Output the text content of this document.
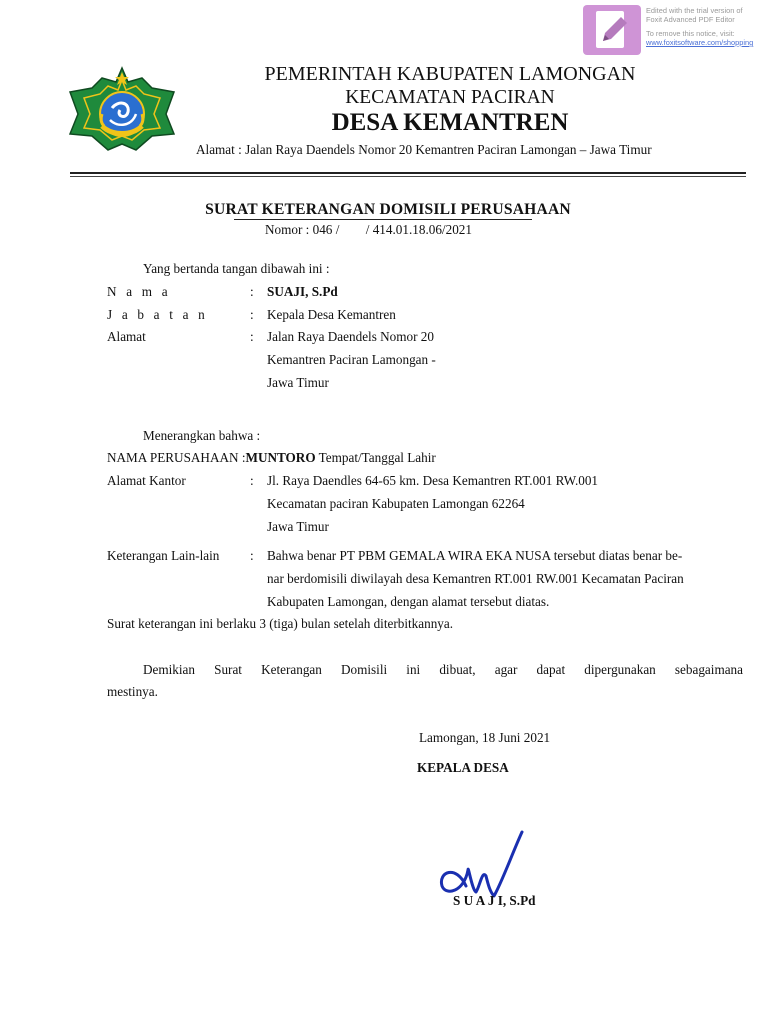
Edited with the trial version of
Foxit Advanced PDF Editor
To remove this notice, visit:
www.foxitsoftware.com/shopping
PEMERINTAH KABUPATEN LAMONGAN
KECAMATAN PACIRAN
DESA KEMANTREN
Alamat : Jalan Raya Daendels Nomor 20 Kemantren Paciran Lamongan – Jawa Timur
SURAT KETERANGAN DOMISILI PERUSAHAAN
Nomor : 046 /        / 414.01.18.06/2021
Yang bertanda tangan dibawah ini :
N a m a	: SUAJI, S.Pd
J a b a t a n	: Kepala Desa Kemantren
Alamat	: Jalan Raya Daendels Nomor 20
Kemantren Paciran Lamongan -
Jawa Timur
Menerangkan bahwa :
NAMA PERUSAHAAN :MUNTORO Tempat/Tanggal Lahir
Alamat Kantor	: Jl. Raya Daendles 64-65 km. Desa Kemantren RT.001 RW.001
Kecamatan paciran Kabupaten Lamongan 62264
Jawa Timur
Keterangan Lain-lain : Bahwa benar PT PBM GEMALA WIRA EKA NUSA tersebut diatas benar be-
nar berdomisili diwilayah desa Kemantren RT.001 RW.001 Kecamatan Paciran
Kabupaten Lamongan, dengan alamat tersebut diatas.
Surat keterangan ini berlaku 3 (tiga) bulan setelah diterbitkannya.
Demikian Surat Keterangan Domisili ini dibuat, agar dapat dipergunakan sebagaimana
mestinya.
Lamongan, 18 Juni 2021
KEPALA DESA
S U A J I, S.Pd
